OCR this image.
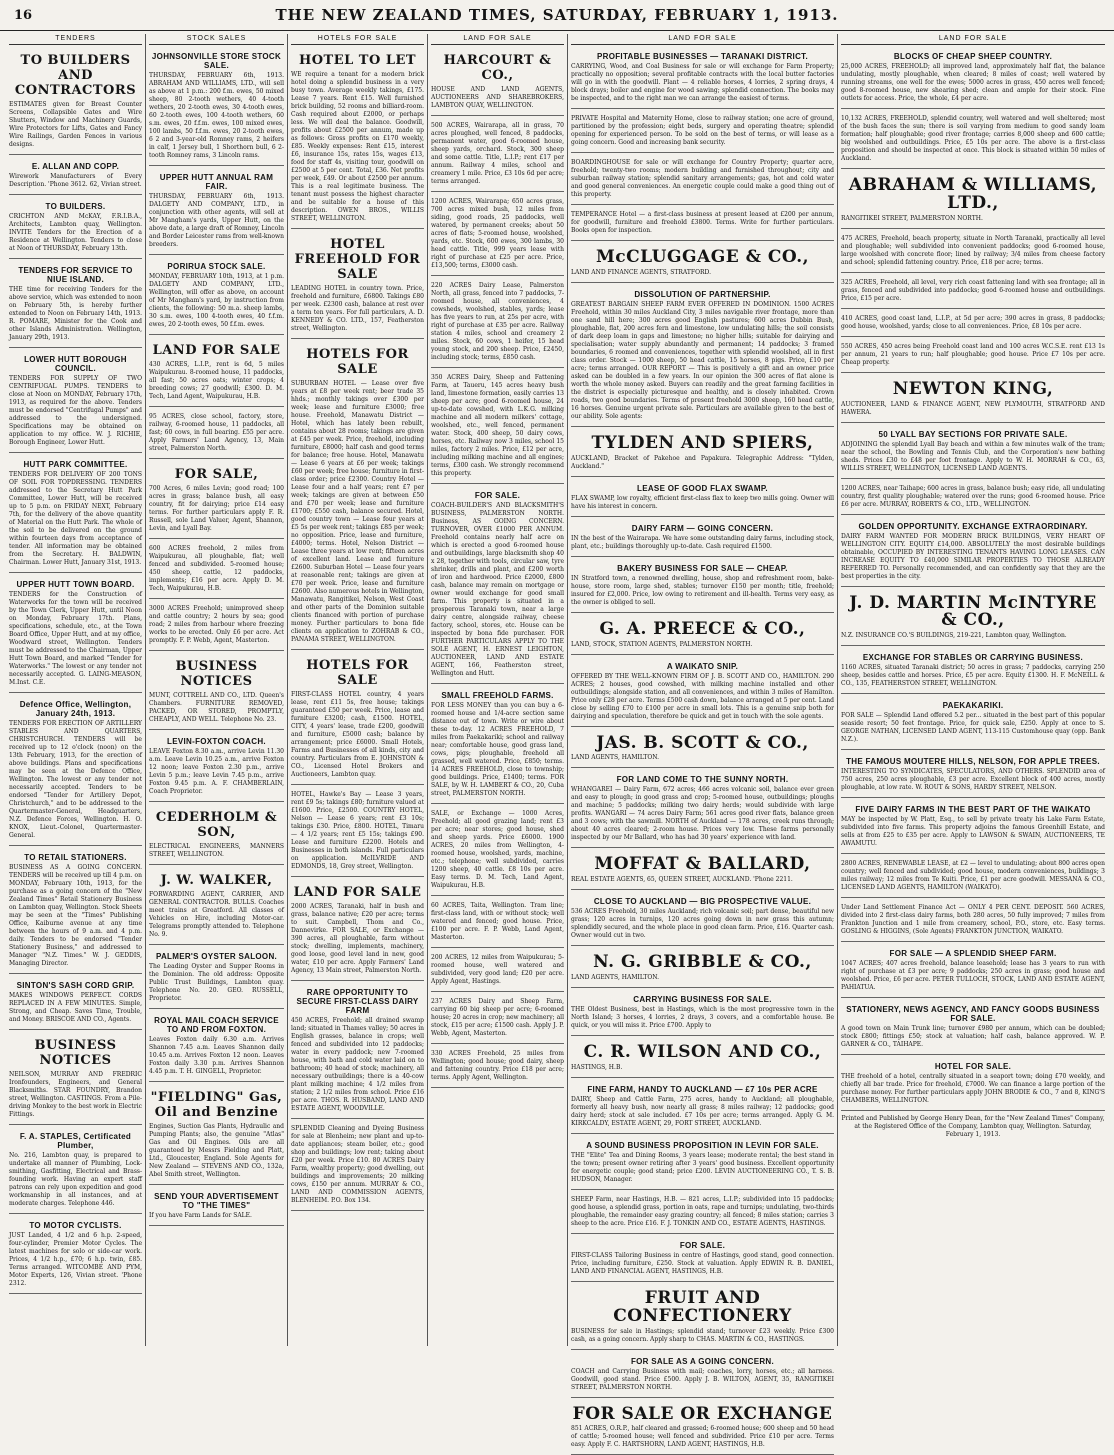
16	THE NEW ZEALAND TIMES, SATURDAY, FEBRUARY 1, 1913.
TENDERS
TO BUILDERS AND CONTRACTORS
ESTIMATES given for Breast Counter Screens, Collapsible Gates and Wire Shutters, Window and Machinery Guards, Wire Protectors for Lifts, Gates and Fancy Wire Railings, Garden Fences in various designs.
E. ALLAN AND COPP.
Wirework Manufacturers of Every Description. 'Phone 3612. 62, Vivian street.
TO BUILDERS.
CRICHTON AND McKAY, F.R.I.B.A., Architects, Lambton quay, Wellington. INVITE Tenders for the Erection of a Residence at Wellington. Tenders to close at Noon of THURSDAY, February 13th.
TENDERS FOR SERVICE TO NIUE ISLAND.
THE time for receiving Tenders for the above service, which was extended to noon on February 5th, is hereby further extended to Noon on February 14th, 1913. R. POMARE, Minister for the Cook and other Islands Administration. Wellington, January 29th, 1913.
LOWER HUTT BOROUGH COUNCIL.
TENDERS FOR SUPPLY OF TWO CENTRIFUGAL PUMPS. TENDERS to close at Noon on MONDAY, February 17th, 1913, as required for the above. Tenders must be endorsed "Centrifugal Pumps" and addressed to the undersigned. Specifications may be obtained on application to my office. W. J. RICHIE, Borough Engineer, Lower Hutt.
HUTT PARK COMMITTEE.
TENDERS FOR DELIVERY OF 200 TONS OF SOIL FOR TOPDRESSING. TENDERS addressed to the Secretary Hutt Park Committee, Lower Hutt, will be received up to 5 p.m. on FRIDAY NEXT, February 7th, for the delivery of the above quantity of Material on the Hutt Park. The whole of the soil to be delivered on the ground within fourteen days from acceptance of tender. All information may be obtained from the Secretary. H. BALDWIN, Chairman. Lower Hutt, January 31st, 1913.
UPPER HUTT TOWN BOARD.
TENDERS for the Construction of Waterworks for the town will be received by the Town Clerk, Upper Hutt, until Noon on Monday, February 17th. Plans, specifications, schedule, etc., at the Town Board Office, Upper Hutt, and at my office, Woodward street, Wellington. Tenders must be addressed to the Chairman, Upper Hutt Town Board, and marked "Tender for Waterworks." The lowest or any tender not necessarily accepted. G. LAING-MEASON, M.Inst. C.E.
Defence Office, Wellington, January 24th, 1913.
TENDERS FOR ERECTION OF ARTILLERY STABLES AND QUARTERS, CHRISTCHURCH. TENDERS will be received up to 12 o'clock (noon) on the 13th February, 1913, for the erection of above buildings. Plans and specifications may be seen at the Defence Office, Wellington. The lowest or any tender not necessarily accepted. Tenders to be endorsed "Tender for Artillery Depot, Christchurch," and to be addressed to the Quartermaster-General, Headquarters, N.Z. Defence Forces, Wellington. H. O. KNOX, Lieut.-Colonel, Quartermaster-General.
TO RETAIL STATIONERS.
BUSINESS AS A GOING CONCERN. TENDERS will be received up till 4 p.m. on MONDAY, February 10th, 1913, for the purchase as a going concern of the "New Zealand Times" Retail Stationery Business on Lambton quay, Wellington. Stock Sheets may be seen at the "Times" Publishing Office, Kaiburne avenue at any time between the hours of 9 a.m. and 4 p.m. daily. Tenders to be endorsed "Tender Stationery Business," and addressed to Manager "N.Z. Times." W. J. GEDDIS, Managing Director.
SINTON'S SASH CORD GRIP.
MAKES WINDOWS PERFECT. CORDS REPLACED IN A FEW MINUTES. Simple, Strong, and Cheap. Saves Time, Trouble, and Money. BRISCOE AND CO., Agents.
BUSINESS NOTICES
NEILSON, MURRAY AND FREDRIC Ironfounders, Engineers, and General Blacksmiths. STAR FOUNDRY, Brandon street, Wellington. CASTINGS. From a Pile-driving Monkey to the best work in Electric Fittings.
F. A. STAPLES, Certificated Plumber,
No. 216, Lambton quay, is prepared to undertake all manner of Plumbing, Lock-smithing, Gasfitting, Electrical and Brass-founding work. Having an expert staff patrons can rely upon expedition and good workmanship in all instances, and at moderate charges. Telephone 446.
TO MOTOR CYCLISTS.
JUST Landed, 4 1/2 and 6 h.p. 2-speed, four-cylinder, Premier Motor Cycles. The latest machines for solo or side-car work. Prices, 4 1/2 h.p., £70; 6 h.p. twin, £85. Terms arranged. WITCOMBE AND PYM, Motor Experts, 126, Vivian street. 'Phone 2312.
STOCK SALES
JOHNSONVILLE STORE STOCK SALE.
THURSDAY, FEBRUARY 6th, 1913. ABRAHAM AND WILLIAMS, LTD., will sell as above at 1 p.m.: 200 f.m. ewes, 50 mixed sheep, 80 2-tooth wethers, 40 4-tooth wethers, 20 2-tooth ewes, 30 4-tooth ewes, 60 2-tooth ewes, 100 4-tooth wethers, 60 s.m. ewes, 20 f.f.m. ewes, 100 mixed ewes, 100 lambs, 50 f.f.m. ewes, 20 2-tooth ewes, 6 2 and 3-year-old Romney rams, 2 heifers in calf, 1 Jersey bull, 1 Shorthorn bull, 6 2-tooth Romney rams, 3 Lincoln rams.
UPPER HUTT ANNUAL RAM FAIR.
THURSDAY, FEBRUARY 6th, 1913. DALGETY AND COMPANY, LTD., in conjunction with other agents, will sell at Mr Mangham's yards, Upper Hutt, on the above date, a large draft of Romney, Lincoln and Border Leicester rams from well-known breeders.
PORIRUA STOCK SALE.
MONDAY, FEBRUARY 10th, 1913, at 1 p.m. DALGETY AND COMPANY, LTD., Wellington, will offer as above, on account of Mr Mangham's yard, by instruction from clients, the following: 50 m.a. sheep lambs, 30 s.m. ewes, 100 4-tooth ewes, 40 f.f.m. ewes, 20 2-tooth ewes, 50 f.f.m. ewes.
LAND FOR SALE
430 ACRES, L.I.P., rent is 6d, 5 miles Waipukurau. 8-roomed house, 11 paddocks, all fast; 50 acres oats; winter crops; 4 breeding cows; 27 goodwill; £300. D. M. Tech, Land Agent, Waipukurau, H.B.
95 ACRES, close school, factory, store, railway, 6-roomed house, 11 paddocks, all fast; 60 cows, in full bearing. £55 per acre. Apply Farmers' Land Agency, 13, Main street, Palmerston North.
FOR SALE,
700 Acres, 6 miles Levin; good road; 100 acres in grass; balance bush, all easy country, fit for dairying; price £14 easy terms. For further particulars apply F. R. Russell, sole Land Valuer, Agent, Shannon, Levin, and Lyall Bay.
600 ACRES freehold, 2 miles from Waipukurau, all ploughable, flat; well fenced and subdivided. 5-roomed house; 450 sheep, cattle, 12 paddocks, implements; £16 per acre. Apply D. M. Tech, Waipukurau, H.B.
3000 ACRES Freehold; unimproved sheep and cattle country; 2 hours by sea; good road; 2 miles from harbour where freezing works to be erected. Only £6 per acre. Act promptly. F. P. Webb, Agent, Masterton.
BUSINESS NOTICES
MUNT, COTTRELL AND CO., LTD. Queen's Chambers. FURNITURE REMOVED, PACKED, OR STORED, PROMPTLY, CHEAPLY, AND WELL. Telephone No. 23.
LEVIN-FOXTON COACH.
LEAVE Foxton 8.30 a.m., arrive Levin 11.30 a.m. Leave Levin 10.25 a.m., arrive Foxton 12 noon; leave Foxton 2.30 p.m., arrive Levin 5 p.m.; leave Levin 7.45 p.m., arrive Foxton 9.45 p.m. A. F. CHAMBERLAIN, Coach Proprietor.
CEDERHOLM & SON,
ELECTRICAL ENGINEERS, MANNERS STREET, WELLINGTON.
J. W. WALKER,
FORWARDING AGENT, CARRIER, AND GENERAL CONTRACTOR. BULLS. Coaches meet trains at Greatford. All classes of Vehicles on Hire, including Motor-car. Telegrams promptly attended to. Telephone No. 9.
PALMER'S OYSTER SALOON.
The Leading Oyster and Supper Rooms in the Dominion. The old address: Opposite Public Trust Buildings, Lambton quay. Telephone No. 20. GEO. RUSSELL, Proprietor.
ROYAL MAIL COACH SERVICE TO AND FROM FOXTON.
Leaves Foxton daily 6.30 a.m. Arrives Shannon 7.45 a.m. Leaves Shannon daily 10.45 a.m. Arrives Foxton 12 noon. Leaves Foxton daily 3.30 p.m. Arrives Shannon 4.45 p.m. T. H. GINGELL, Proprietor.
"FIELDING" Gas, Oil and Benzine
Engines, Suction Gas Plants, Hydraulic and Pumping Plants; also, the genuine "Atlas" Gas and Oil Engines. Oils are all guaranteed by Messrs Fielding and Platt, Ltd., Gloucester, England. Sole Agents for New Zealand — STEVENS AND CO., 132a, Abel Smith street, Wellington.
SEND YOUR ADVERTISEMENT TO "THE TIMES"
If you have Farm Lands for SALE.
HOTELS FOR SALE
HOTEL TO LET
WE require a tenant for a modern brick hotel doing a splendid business in a very busy town. Average weekly takings, £175. Lease 7 years. Rent £15. Well furnished brick building, 52 rooms and billiard-room. Cash required about £2000, or perhaps less. We will deal the balance. Goodwill, profits about £2500 per annum, made up as follows: Gross profits on £170 weekly, £85. Weekly expenses: Rent £15, interest £6, insurance 15s, rates 15s, wages £13, food for staff 4s, visiting tour, goodwill on £2500 at 5 per cent. Total, £36. Net profits per week, £49. Or about £2500 per annum. This is a real legitimate business. The tenant must possess the highest character and be suitable for a house of this description. OWEN BROS., WILLIS STREET, WELLINGTON.
HOTEL FREEHOLD FOR SALE
LEADING HOTEL in country town. Price, freehold and furniture, £6800. Takings £80 per week. £2300 cash, balance at rest over a term ten years. For full particulars, A. D. KENNEDY & CO. LTD., 157, Featherston street, Wellington.
HOTELS FOR SALE
SUBURBAN HOTEL — Lease over five years at £8 per week rent; beer trade 35 hhds.; monthly takings over £300 per week; lease and furniture £3000; free house. Freehold, Manawatu District — Hotel, which has lately been rebuilt, contains about 28 rooms; takings are given at £45 per week. Price, freehold, including furniture, £8000; half cash and good terms for balance; free house. Hotel, Manawatu — Lease 6 years at £6 per week; takings £60 per week; free house; furniture in first-class order; price £2300. Country Hotel — Lease four and a half years; rent £7 per week; takings are given at between £50 and £70 per week; lease and furniture £1700; £550 cash, balance secured. Hotel, good country town — Lease four years at £5 5s per week rent; takings £85 per week; no opposition. Price, lease and furniture, £4000; terms. Hotel, Nelson District — Lease three years at low rent; fifteen acres of excellent land. Lease and furniture £2600. Suburban Hotel — Lease four years at reasonable rent; takings are given at £70 per week. Price, lease and furniture £2600. Also numerous hotels in Wellington, Manawatu, Rangitikei, Nelson, West Coast and other parts of the Dominion suitable clients financed with portion of purchase money. Further particulars to bona fide clients on application to ZOHRAB & CO., PANAMA STREET, WELLINGTON.
HOTELS FOR SALE
FIRST-CLASS HOTEL country, 4 years lease, rent £11 5s, free house; takings guaranteed £50 per week. Price, lease and furniture £3200; cash, £1500. HOTEL, CITY, 4 years' lease, trade £200, goodwill and furniture, £5000 cash; balance by arrangement; price £6000. Small Hotels, Farms and Businesses of all kinds, city and country. Particulars from E. JOHNSTON & CO., Licensed Hotel Brokers and Auctioneers, Lambton quay.
HOTEL, Hawke's Bay — Lease 3 years, rent £9 5s; takings £80; furniture valued at £1600. Price, £2500. COUNTRY HOTEL, Nelson — Lease 6 years; rent £3 10s; takings £30. Price, £800. HOTEL, Timaru — 4 1/2 years; rent £5 15s; takings £90. Lease and furniture £2200. Hotels and Businesses in both islands. Full particulars on application. McILVRIDE AND EDMONDS, 18, Grey street, Wellington.
LAND FOR SALE
2000 ACRES, Taranaki, half in bush and grass, balance native; £20 per acre; terms to suit. Campbell, Thom and Co., Dannevirke. FOR SALE, or Exchange — 390 acres, all ploughable, farm without stock; dwelling, implements, machinery, good loose, good level land in new, good water, £10 per acre. Apply Farmers' Land Agency, 13 Main street, Palmerston North.
RARE OPPORTUNITY TO SECURE FIRST-CLASS DAIRY FARM
450 ACRES, Freehold; all drained swamp land; situated in Thames valley; 50 acres in English grasses, balance in crops; well fenced and subdivided into 12 paddocks; water in every paddock; new 7-roomed house, with bath and cold water laid on to bathroom; 40 head of stock; machinery, all necessary outbuildings; there is a 40-cow plant milking machine; 4 1/2 miles from station; 2 1/2 miles from school. Price £16 per acre. THOS. R. HUSBAND, LAND AND ESTATE AGENT, WOODVILLE.
SPLENDID Cleaning and Dyeing Business for sale at Blenheim; new plant and up-to-date appliances; steam boiler, etc.; good shop and buildings; low rent; taking about £20 per week. Price £10. 80 ACRES Dairy Farm, wealthy property; good dwelling, out buildings and improvements; 20 milking cows, £150 per annum. MURRAY & CO., LAND AND COMMISSION AGENTS, BLENHEIM. P.O. Box 134.
LAND FOR SALE
HARCOURT & CO.,
HOUSE AND LAND AGENTS, AUCTIONEERS AND SHAREBROKERS, LAMBTON QUAY, WELLINGTON.
500 ACRES, Wairarapa, all in grass, 70 acres ploughed, well fenced, 8 paddocks, permanent water, good 6-roomed house, sheep yards, orchard. Stock, 300 sheep and some cattle. Title, L.I.P.; rent £17 per annum. Railway 4 miles, school and creamery 1 mile. Price, £3 10s 6d per acre; terms arranged.
1200 ACRES, Wairarapa; 650 acres grass, 700 acres mixed bush, 12 miles from siding, good roads, 25 paddocks, well watered, by permanent creeks; about 50 acres of flats; 5-roomed house, woolshed, yards, etc. Stock, 600 ewes, 300 lambs, 30 head cattle. Title, 999 years lease with right of purchase at £25 per acre. Price, £13,500; terms, £3000 cash.
220 ACRES Dairy Lease, Palmerston North, all grass, fenced into 7 paddocks, 7-roomed house, all conveniences, 4 cowsheds, woolshed, stables, yards; lease has five years to run, at 25s per acre, with right of purchase at £35 per acre. Railway station 4 miles, school and creamery 2 miles. Stock, 60 cows, 1 heifer, 15 head young stock, and 200 sheep. Price, £2450, including stock; terms, £850 cash.
350 ACRES Dairy, Sheep and Fattening Farm, at Taueru, 145 acres heavy bush land, limestone formation, easily carries 13 sheep per acre; good 6-roomed house, 24 up-to-date cowshed, with L.K.G. milking machine and all modern milkers' cottage, woolshed, etc., well fenced, permanent water. Stock, 400 sheep, 50 dairy cows, horses, etc. Railway now 3 miles, school 15 miles, factory 2 miles. Price, £12 per acre, including milking machine and all engines; terms, £300 cash. We strongly recommend this property.
FOR SALE.
COACH-BUILDER'S AND BLACKSMITH'S BUSINESS, PALMERSTON NORTH. Business, AS GOING CONCERN. TURNOVER, OVER £1000 PER ANNUM. Freehold contains nearly half acre on which is erected a good 6-roomed house and outbuildings, large blacksmith shop 40 x 28, together with tools, circular saw, tyre shrinker, drills and plant, and £200 worth of iron and hardwood. Price £2000, £800 cash, balance may remain on mortgage or owner would exchange for good small farm. This property is situated in a prosperous Taranaki town, near a large dairy centre, alongside railway, cheese factory, school, stores, etc. House can be inspected by bona fide purchaser. FOR FURTHER PARTICULARS APPLY TO THE SOLE AGENT, H. ERNEST LEIGHTON, AUCTIONEER, LAND AND ESTATE AGENT, 166, Featherston street, Wellington and Hutt.
SMALL FREEHOLD FARMS.
FOR LESS MONEY than you can buy a 6-roomed house and 1/4-acre section same distance out of town. Write or wire about these to-day. 12 ACRES FREEHOLD, 7 miles from Paekakariki; school and railway near; comfortable house, good grass land, cows, pigs; ploughable, freehold all grassed, well watered. Price, £850; terms. 14 ACRES FREEHOLD, close to township; good buildings. Price, £1400; terms. FOR SALE, by W. H. LAMBERT & CO., 20, Cuba street, PALMERSTON NORTH.
SALE, or Exchange — 1000 Acres, Freehold; all good grazing land; rent £3 per acre; near stores; good house, shed and sheep yards. Price £6000. 1900 ACRES, 20 miles from Wellington, 4-roomed house, woolshed, yards, machine, etc.; telephone; well subdivided, carries 1200 sheep, 40 cattle. £8 10s per acre. Easy terms. D. M. Tech, Land Agent, Waipukurau, H.B.
60 ACRES, Taita, Wellington. Tram line; first-class land, with or without stock; well watered and fenced; good house. Price, £100 per acre. F. P. Webb, Land Agent, Masterton.
200 ACRES, 12 miles from Waipukurau; 5-roomed house, well watered and subdivided, very good land; £20 per acre. Apply Agent, Hastings.
237 ACRES Dairy and Sheep Farm, carrying 60 big sheep per acre; 6-roomed house; 20 acres in crop; new machinery; all stock, £15 per acre; £1500 cash. Apply J. P. Webb, Agent, Masterton.
330 ACRES Freehold, 25 miles from Wellington; good house; good dairy, sheep and fattening country. Price £18 per acre; terms. Apply Agent, Wellington.
LAND FOR SALE
PROFITABLE BUSINESSES — TARANAKI DISTRICT.
CARRYING, Wood, and Coal Business for sale or will exchange for Farm Property; practically no opposition; several profitable contracts with the local butter factories will go in with the goodwill. Plant — 4 reliable horses, 4 lorries, 2 spring drays, 4 block drays; boiler and engine for wood sawing; splendid connection. The books may be inspected, and to the right man we can arrange the easiest of terms.
PRIVATE Hospital and Maternity Home, close to railway station; one acre of ground, partitioned by the profession; eight beds, surgery and operating theatre; splendid opening for experienced person. To be sold on the best of terms, or will lease as a going concern. Good and increasing bank security.
BOARDINGHOUSE for sale or will exchange for Country Property; quarter acre, freehold; twenty-two rooms; modern building and furnished throughout; city and suburban railway station; splendid sanitary arrangements; gas, hot and cold water and good general conveniences. An energetic couple could make a good thing out of this property.
TEMPERANCE Hotel — a first-class business at present leased at £200 per annum, for goodwill, furniture and freehold £3800. Terms. Write for further particulars. Books open for inspection.
McCLUGGAGE & CO.,
LAND AND FINANCE AGENTS, STRATFORD.
DISSOLUTION OF PARTNERSHIP.
GREATEST BARGAIN SHEEP FARM EVER OFFERED IN DOMINION. 1500 ACRES Freehold, within 30 miles Auckland City, 3 miles navigable river frontage, more than one sand hill here; 300 acres good English pastures; 600 acres Dubbin Bush, ploughable, flat, 200 acres fern and limestone, low undulating hills; the soil consists of dark deep loam in gaps and limestone; no higher hills; suitable for dairying and specialisation; water supply abundantly and permanent; 14 paddocks; 3 framed boundaries, 6 roomed and conveniences, together with splendid woolshed, all in first class order. Stock — 1000 sheep, 50 head cattle, 15 horses, 8 pigs. Price, £10 per acre; terms arranged. OUR REPORT — This is positively a gift and an owner price asked can be doubled in a few years. In our opinion the 300 acres of flat alone is worth the whole money asked. Buyers can readily and the great farming facilities in the district is especially picturesque and healthy, and is closely inhabited. Crown roads, two good boundaries. Terms of present freehold 3000 sheep, 160 head cattle, 16 horses. Genuine urgent private sale. Particulars are available given to the best of our ability. Sole agents:
TYLDEN AND SPIERS,
AUCKLAND, Bracket of Pakehoe and Papakura. Telegraphic Address: "Tylden, Auckland."
LEASE OF GOOD FLAX SWAMP.
FLAX SWAMP, low royalty, efficient first-class flax to keep two mills going. Owner will have his interest in concern.
DAIRY FARM — GOING CONCERN.
IN the best of the Wairarapa. We have some outstanding dairy farms, including stock, plant, etc.; buildings thoroughly up-to-date. Cash required £1500.
BAKERY BUSINESS FOR SALE — CHEAP.
IN Stratford town, a renowned dwelling, house, shop and refreshment room, bake-house, store room, large shed, stables; turnover £150 per month; title, freehold; insured for £2,000. Price, low owing to retirement and ill-health. Terms very easy, as the owner is obliged to sell.
G. A. PREECE & CO.,
LAND, STOCK, STATION AGENTS, PALMERSTON NORTH.
A WAIKATO SNIP.
OFFERED BY THE WELL-KNOWN FIRM OF J. B. SCOTT AND CO., HAMILTON. 290 ACRES; 2 houses, good cowshed, with milking machine installed and other outbuildings; alongside station, and all conveniences, and within 3 miles of Hamilton. Price only £28 per acre. Terms £500 cash down, balance arranged at 5 per cent. Land close by selling £70 to £100 per acre in small lots. This is a genuine snip both for dairying and speculation, therefore be quick and get in touch with the sole agents.
JAS. B. SCOTT & CO.,
LAND AGENTS, HAMILTON.
FOR LAND COME TO THE SUNNY NORTH.
WHANGAREI — Dairy Farm, 672 acres; 466 acres volcanic soil, balance ever green and easy to plough; in good grass and crop; 5-roomed house, outbuildings; ploughs and machine; 5 paddocks; milking two dairy herds; would subdivide with large profits. WANGARI — 74 acres Dairy Farm; 561 acres good river flats, balance green and 3 cows; with the sawmill. NORTH of Auckland — 178 acres, creek runs through; about 40 acres cleared; 2-room house. Prices very low. These farms personally inspected by our Mr Ballard, who has had 30 years' experience with land.
MOFFAT & BALLARD,
REAL ESTATE AGENTS, 65, QUEEN STREET, AUCKLAND. 'Phone 2211.
CLOSE TO AUCKLAND — BIG PROSPECTIVE VALUE.
536 ACRES Freehold, 30 miles Auckland; rich volcanic soil; part dense, beautiful new grass; 120 acres in turnips, 120 acres going down in new grass this autumn; splendidly secured, and the whole place in good clean farm. Price, £16. Quarter cash. Owner would cut in two.
N. G. GRIBBLE & CO.,
LAND AGENTS, HAMILTON.
CARRYING BUSINESS FOR SALE.
THE Oldest Business, best in Hastings, which is the most progressive town in the North Island; 3 horses, 4 lorries, 2 drays, 3 covers, and a comfortable house. Be quick, or you will miss it. Price £700. Apply to
C. R. WILSON AND CO.,
HASTINGS, H.B.
FINE FARM, HANDY TO AUCKLAND — £7 10s PER ACRE
DAIRY, Sheep and Cattle Farm, 275 acres, handy to Auckland; all ploughable, formerly all heavy bush, now nearly all grass; 8 miles railway; 12 paddocks; good dairy herd; stock at sale included. £7 10s per acre; terms arranged. Apply G. M. KIRKCALDY, ESTATE AGENT, 29, FORT STREET, AUCKLAND.
A SOUND BUSINESS PROPOSITION IN LEVIN FOR SALE.
THE "Elite" Tea and Dining Rooms, 3 years lease; moderate rental; the best stand in the town; present owner retiring after 3 years' good business. Excellent opportunity for energetic couple; good stand; price £200. LEVIN AUCTIONEERING CO., T. S. B. HUDSON, Manager.
SHEEP Farm, near Hastings, H.B. — 821 acres, L.I.P.; subdivided into 15 paddocks; good house, a splendid grass, portion in oats, rape and turnips; undulating, two-thirds ploughable, the remainder easy grazing country; all fenced; 8 miles station; carries 3 sheep to the acre. Price £16. F. J. TONKIN AND CO., ESTATE AGENTS, HASTINGS.
FOR SALE.
FIRST-CLASS Tailoring Business in centre of Hastings, good stand, good connection. Price, including furniture, £250. Stock at valuation. Apply EDWIN R. B. DANIEL, LAND AND FINANCIAL AGENT, HASTINGS, H.B.
FRUIT AND CONFECTIONERY
BUSINESS for sale in Hastings; splendid stand; turnover £23 weekly. Price £300 cash, as a going concern. Apply sharp to CHAS. MARTIN & CO., HASTINGS.
FOR SALE AS A GOING CONCERN.
COACH and Carrying Business with mail; coaches, lorry, horses, etc.; all harness. Goodwill, good stand. Price £500. Apply J. B. WILTON, AGENT, 35, RANGITIKEI STREET, PALMERSTON NORTH.
FOR SALE OR EXCHANGE
851 ACRES, O.R.P., half cleared and grassed; 6-roomed house; 600 sheep and 50 head of cattle; 5-roomed house; well fenced and subdivided. Price £10 per acre. Terms easy. Apply F. C. HARTSHORN, LAND AGENT, HASTINGS, H.B.
LAND FOR SALE
BLOCKS OF CHEAP SHEEP COUNTRY.
25,000 ACRES, FREEHOLD; all improved land, approximately half flat, the balance undulating, mostly ploughable, when cleared; 8 miles of coast; well watered by running streams, one well for the ewes; 5000 acres in grass, 450 acres well fenced; good 8-roomed house, new shearing shed; clean and ample for their stock. Fine outlets for access. Price, the whole, £4 per acre.
10,132 ACRES, FREEHOLD, splendid country, well watered and well sheltered; most of the bush faces the sun; there is soil varying from medium to good sandy loam formation; half ploughable; good river frontage; carries 8,000 sheep and 600 cattle; big woolshed and outbuildings. Price, £5 10s per acre. The above is a first-class proposition and should be inspected at once. This block is situated within 50 miles of Auckland.
ABRAHAM & WILLIAMS, LTD.,
RANGITIKEI STREET, PALMERSTON NORTH.
475 ACRES, Freehold, beach property, situate in North Taranaki, practically all level and ploughable; well subdivided into convenient paddocks; good 6-roomed house, large woolshed with concrete floor; lined by railway; 3/4 miles from cheese factory and school; splendid fattening country. Price, £18 per acre; terms.
325 ACRES, Freehold, all level, very rich coast fattening land with sea frontage; all in grass, fenced and subdivided into paddocks; good 6-roomed house and outbuildings. Price, £15 per acre.
410 ACRES, good coast land, L.I.P., at 5d per acre; 390 acres in grass, 8 paddocks; good house, woolshed, yards; close to all conveniences. Price, £8 10s per acre.
550 ACRES, 450 acres being Freehold coast land and 100 acres W.C.S.E. rent £13 1s per annum, 21 years to run; half ploughable; good house. Price £7 10s per acre. Cheap property.
NEWTON KING,
AUCTIONEER, LAND & FINANCE AGENT, NEW PLYMOUTH, STRATFORD AND HAWERA.
50 LYALL BAY SECTIONS FOR PRIVATE SALE.
ADJOINING the splendid Lyall Bay beach and within a few minutes walk of the tram; near the school, the Bowling and Tennis Club, and the Corporation's new bathing sheds. Prices £30 to £48 per foot frontage. Apply to W. H. MORRAH & CO., 63, WILLIS STREET, WELLINGTON, LICENSED LAND AGENTS.
1200 ACRES, near Taihape; 600 acres in grass, balance bush; easy ride, all undulating country, first quality ploughable; watered over the runs; good 6-roomed house. Price £6 per acre. MURRAY, ROBERTS & CO., LTD., WELLINGTON.
GOLDEN OPPORTUNITY. EXCHANGE EXTRAORDINARY.
DAIRY FARM WANTED FOR MODERN BRICK BUILDINGS, VERY HEART OF WELLINGTON CITY. EQUITY £14,000. ABSOLUTELY the most desirable buildings obtainable, OCCUPIED BY INTERESTING TENANTS HAVING LONG LEASES. CAN INCREASE EQUITY TO £40,000 SIMILAR PROPERTIES TO THOSE ALREADY REFERRED TO. Personally recommended, and can confidently say that they are the best properties in the city.
J. D. MARTIN McINTYRE & CO.,
N.Z. INSURANCE CO.'S BUILDINGS, 219-221, Lambton quay, Wellington.
EXCHANGE FOR STABLES OR CARRYING BUSINESS.
1160 ACRES, situated Taranaki district; 50 acres in grass; 7 paddocks, carrying 250 sheep, besides cattle and horses. Price, £5 per acre. Equity £1300. H. F. McNEILL & CO., 135, FEATHERSTON STREET, WELLINGTON.
PAEKAKARIKI.
FOR SALE — Splendid Land offered 5.2 per... situated in the best part of this popular seaside resort; 50 feet frontage. Price, for quick sale, £250. Apply at once to S. GEORGE NATHAN, LICENSED LAND AGENT, 113-115 Customhouse quay (opp. Bank N.Z.).
THE FAMOUS MOUTERE HILLS, NELSON, FOR APPLE TREES.
INTERESTING TO SYNDICATES, SPECULATORS, AND OTHERS. SPLENDID area of 750 acres, 250 acres ploughable, £3 per acre. Excellent block of 400 acres, mostly ploughable, at low rate. W. ROUT & SONS, HARDY STREET, NELSON.
FIVE DAIRY FARMS IN THE BEST PART OF THE WAIKATO
MAY be inspected by W. Platt, Esq., to sell by private treaty his Lake Farm Estate, subdivided into five farms. This property adjoins the famous Greenhill Estate, and sells at from £25 to £35 per acre. Apply to LAWSON & SWAIN, AUCTIONEERS, TE AWAMUTU.
2800 ACRES, RENEWABLE LEASE, at £2 — level to undulating; about 800 acres open country; well fenced and subdivided; good house, modern conveniences, buildings; 3 miles railway; 12 miles from Te Kuiti. Price, £1 per acre goodwill. MESSANA & CO., LICENSED LAND AGENTS, HAMILTON (WAIKATO).
Under Land Settlement Finance Act — ONLY 4 PER CENT. DEPOSIT. 560 ACRES, divided into 2 first-class dairy farms, both 280 acres, 50 fully improved; 7 miles from Frankton Junction and 1 mile from creamery, school, P.O., store, etc. Easy terms. GOSLING & HIGGINS, (Sole Agents) FRANKTON JUNCTION, WAIKATO.
FOR SALE — A SPLENDID SHEEP FARM.
1047 ACRES; 407 acres freehold, balance leasehold; lease has 3 years to run with right of purchase at £3 per acre; 9 paddocks; 250 acres in grass; good house and woolshed. Price, £6 per acre. PETER TULLOCH, STOCK, LAND AND ESTATE AGENT, PAHIATUA.
STATIONERY, NEWS AGENCY, AND FANCY GOODS BUSINESS FOR SALE.
A good town on Main Trunk line; turnover £980 per annum, which can be doubled; stock £800; fittings £50; stock at valuation; half cash, balance approved. W. P. GARNER & CO., TAIHAPE.
HOTEL FOR SALE.
THE freehold of a hotel, centrally situated in a seaport town; doing £70 weekly, and chiefly all bar trade. Price for freehold, £7000. We can finance a large portion of the purchase money. For further particulars apply JOHN BRODIE & CO., 7 and 8, KING'S CHAMBERS, WELLINGTON.
Printed and Published by George Henry Dean, for the "New Zealand Times" Company, at the Registered Office of the Company, Lambton quay, Wellington. Saturday, February 1, 1913.
